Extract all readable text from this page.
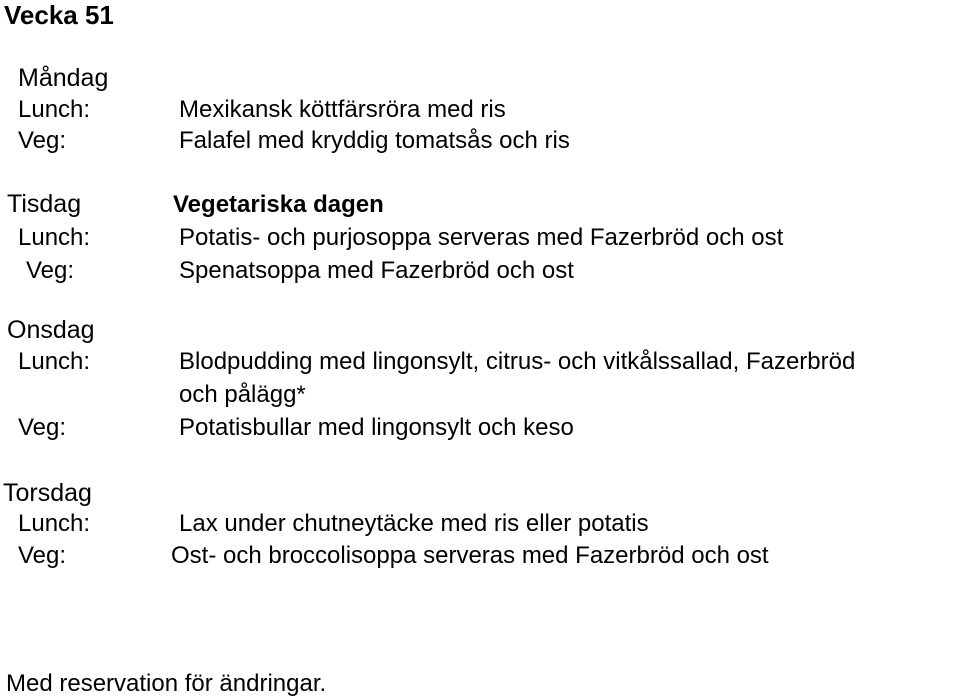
Vecka 51
Måndag
Lunch:	Mexikansk köttfärsröra med ris
Veg:	Falafel med kryddig tomatsås och ris
Tisdag	Vegetariska dagen
Lunch:	Potatis- och purjosoppa serveras med Fazerbröd och ost
Veg:	Spenatsoppa med Fazerbröd och ost
Onsdag
Lunch:	Blodpudding med lingonsylt, citrus- och vitkålssallad, Fazerbröd
och pålägg*
Veg:	Potatisbullar med lingonsylt och keso
Torsdag
Lunch:	Lax under chutneytäcke med ris eller potatis
Veg:	Ost- och broccolisoppa serveras med Fazerbröd och ost
Med reservation för ändringar.
